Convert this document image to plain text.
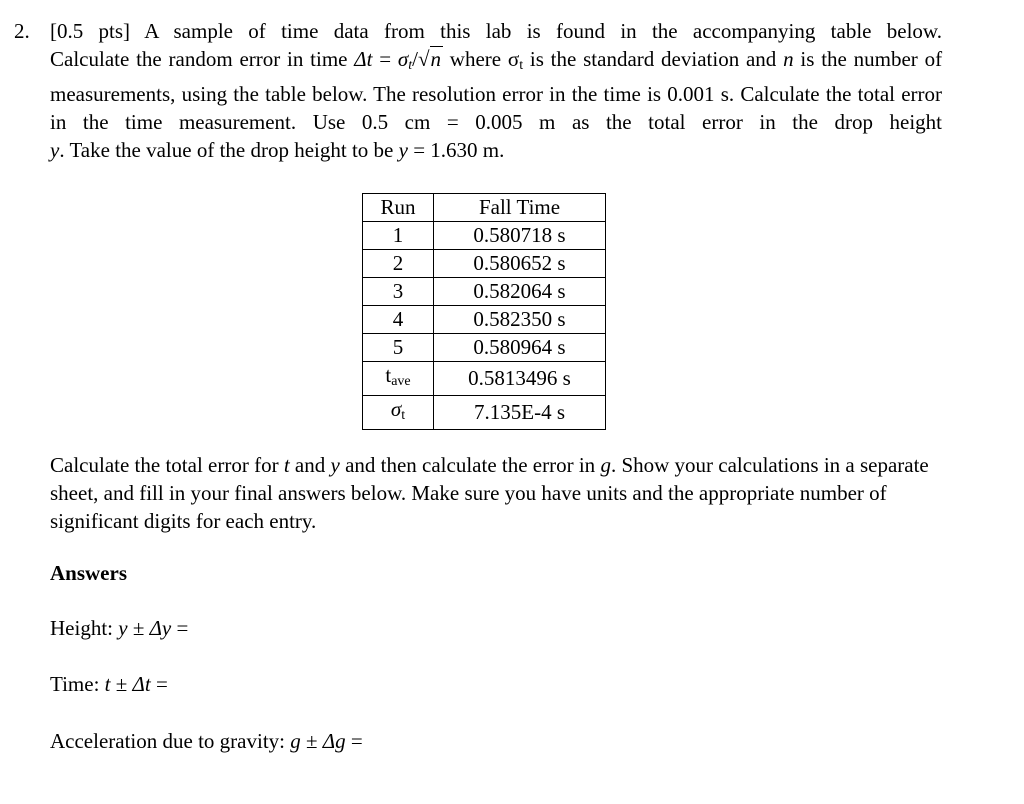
2. [0.5 pts] A sample of time data from this lab is found in the accompanying table below. Calculate the random error in time $\Delta t = \sigma_t/√n$ where $\sigma_t$ is the standard deviation and n is the number of measurements, using the table below. The resolution error in the time is 0.001 s. Calculate the total error in the time measurement. Use 0.5 cm = 0.005 m as the total error in the drop height y. Take the value of the drop height to be y = 1.630 m.

Run	Fall Time
1	0.580718 s
2	0.580652 s
3	0.582064 s
4	0.582350 s
5	0.580964 s
$t_{ave}$	0.5813496 s
$\sigma_t$	7.135E-4 s

Calculate the total error for t and y and then calculate the error in g. Show your calculations in a separate sheet, and fill in your final answers below. Make sure you have units and the appropriate number of significant digits for each entry.

Answers

Height: y ± Δy =

Time: t ± Δt =

Acceleration due to gravity: g ± Δg =
